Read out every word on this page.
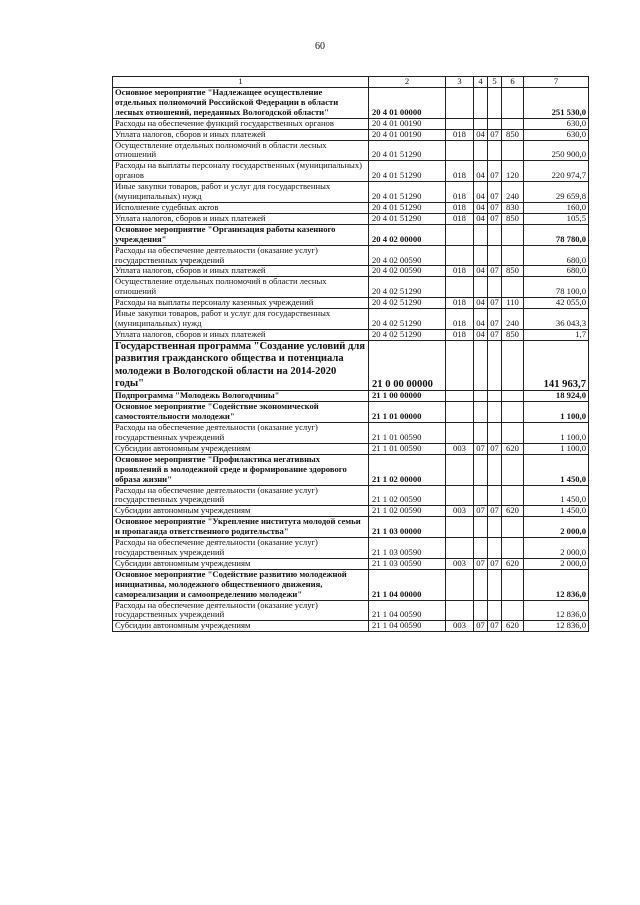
60
1	2	3	4	5	6	7
Основное мероприятие "Надлежащее осуществление отдельных полномочий Российской Федерации в области лесных отношений, переданных Вологодской области"	20 4 01 00000					251 530,0
Расходы на обеспечение функций государственных органов	20 4 01 00190					630,0
Уплата налогов, сборов и иных платежей	20 4 01 00190	018	04	07	850	630,0
Осуществление отдельных полномочий в области лесных отношений	20 4 01 51290					250 900,0
Расходы на выплаты персоналу государственных (муниципальных) органов	20 4 01 51290	018	04	07	120	220 974,7
Иные закупки товаров, работ и услуг для государственных (муниципальных) нужд	20 4 01 51290	018	04	07	240	29 659,8
Исполнение судебных актов	20 4 01 51290	018	04	07	830	160,0
Уплата налогов, сборов и иных платежей	20 4 01 51290	018	04	07	850	105,5
Основное мероприятие "Организация работы казенного учреждения"	20 4 02 00000					78 780,0
Расходы на обеспечение деятельности (оказание услуг) государственных учреждений	20 4 02 00590					680,0
Уплата налогов, сборов и иных платежей	20 4 02 00590	018	04	07	850	680,0
Осуществление отдельных полномочий в области лесных отношений	20 4 02 51290					78 100,0
Расходы на выплаты персоналу казенных учреждений	20 4 02 51290	018	04	07	110	42 055,0
Иные закупки товаров, работ и услуг для государственных (муниципальных) нужд	20 4 02 51290	018	04	07	240	36 043,3
Уплата налогов, сборов и иных платежей	20 4 02 51290	018	04	07	850	1,7
Государственная программа "Создание условий для развития гражданского общества и потенциала молодежи в Вологодской области на 2014-2020 годы"	21 0 00 00000					141 963,7
Подпрограмма "Молодежь Вологодчины"	21 1 00 00000					18 924,0
Основное мероприятие "Содействие экономической самостоятельности молодежи"	21 1 01 00000					1 100,0
Расходы на обеспечение деятельности (оказание услуг) государственных учреждений	21 1 01 00590					1 100,0
Субсидии автономным учреждениям	21 1 01 00590	003	07	07	620	1 100,0
Основное мероприятие "Профилактика негативных проявлений в молодежной среде и формирование здорового образа жизни"	21 1 02 00000					1 450,0
Расходы на обеспечение деятельности (оказание услуг) государственных учреждений	21 1 02 00590					1 450,0
Субсидии автономным учреждениям	21 1 02 00590	003	07	07	620	1 450,0
Основное мероприятие "Укрепление института молодой семьи и пропаганда ответственного родительства"	21 1 03 00000					2 000,0
Расходы на обеспечение деятельности (оказание услуг) государственных учреждений	21 1 03 00590					2 000,0
Субсидии автономным учреждениям	21 1 03 00590	003	07	07	620	2 000,0
Основное мероприятие "Содействие развитию молодежной инициативы, молодежного общественного движения, самореализации и самоопределению молодежи"	21 1 04 00000					12 836,0
Расходы на обеспечение деятельности (оказание услуг) государственных учреждений	21 1 04 00590					12 836,0
Субсидии автономным учреждениям	21 1 04 00590	003	07	07	620	12 836,0
